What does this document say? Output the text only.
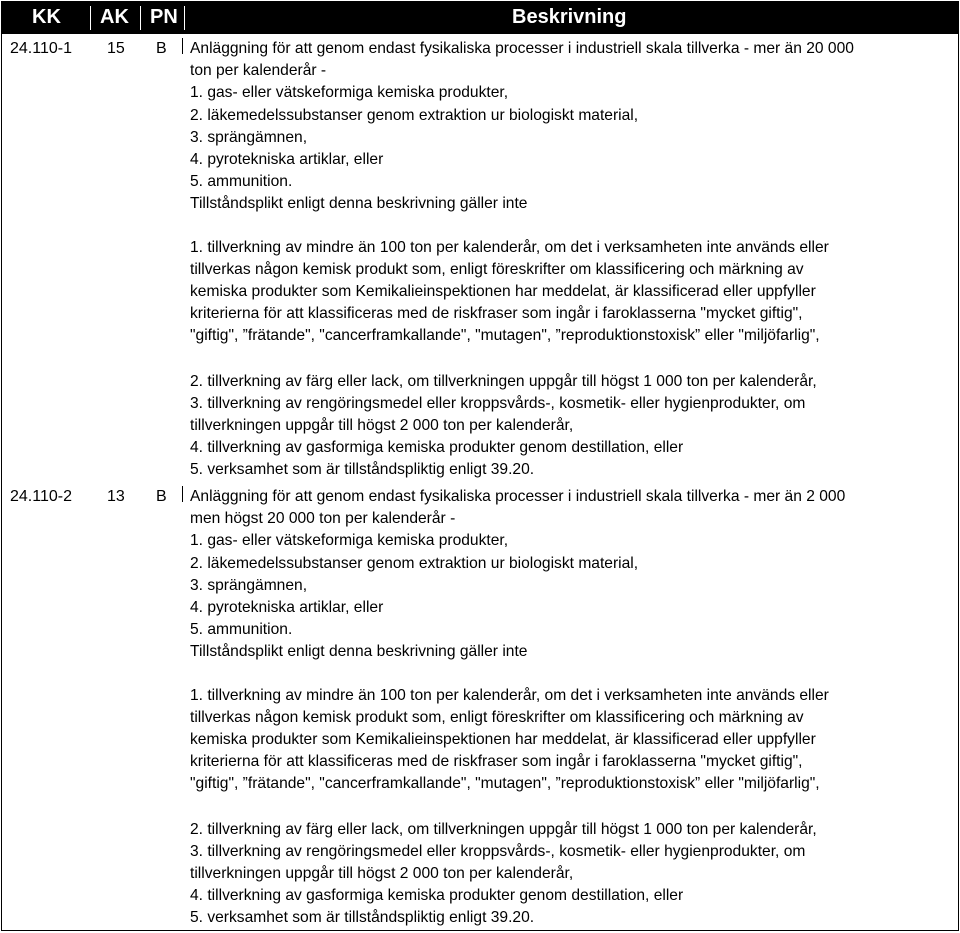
KK AK PN	Beskrivning
24.110-1 15 B Anläggning för att genom endast fysikaliska processer i industriell skala tillverka - mer än 20 000

ton per kalenderår -

1. gas- eller vätskeformiga kemiska produkter,

2. läkemedelssubstanser genom extraktion ur biologiskt material,

3. sprängämnen,

4. pyrotekniska artiklar, eller

5. ammunition.

Tillståndsplikt enligt denna beskrivning gäller inte

1. tillverkning av mindre än 100 ton per kalenderår, om det i verksamheten inte används eller

tillverkas någon kemisk produkt som, enligt föreskrifter om klassificering och märkning av

kemiska produkter som Kemikalieinspektionen har meddelat, är klassificerad eller uppfyller

kriterierna för att klassificeras med de riskfraser som ingår i faroklasserna "mycket giftig",

"giftig", ”frätande", "cancerframkallande", "mutagen", ”reproduktionstoxisk” eller "miljöfarlig",

2. tillverkning av färg eller lack, om tillverkningen uppgår till högst 1 000 ton per kalenderår,

3. tillverkning av rengöringsmedel eller kroppsvårds-, kosmetik- eller hygienprodukter, om

tillverkningen uppgår till högst 2 000 ton per kalenderår,

4. tillverkning av gasformiga kemiska produkter genom destillation, eller

5. verksamhet som är tillståndspliktig enligt 39.20.

24.110-2 13 B Anläggning för att genom endast fysikaliska processer i industriell skala tillverka - mer än 2 000

men högst 20 000 ton per kalenderår -

1. gas- eller vätskeformiga kemiska produkter,

2. läkemedelssubstanser genom extraktion ur biologiskt material,

3. sprängämnen,

4. pyrotekniska artiklar, eller

5. ammunition.

Tillståndsplikt enligt denna beskrivning gäller inte

1. tillverkning av mindre än 100 ton per kalenderår, om det i verksamheten inte används eller

tillverkas någon kemisk produkt som, enligt föreskrifter om klassificering och märkning av

kemiska produkter som Kemikalieinspektionen har meddelat, är klassificerad eller uppfyller

kriterierna för att klassificeras med de riskfraser som ingår i faroklasserna "mycket giftig",

"giftig", ”frätande", "cancerframkallande", "mutagen", ”reproduktionstoxisk” eller "miljöfarlig",

2. tillverkning av färg eller lack, om tillverkningen uppgår till högst 1 000 ton per kalenderår,

3. tillverkning av rengöringsmedel eller kroppsvårds-, kosmetik- eller hygienprodukter, om

tillverkningen uppgår till högst 2 000 ton per kalenderår,

4. tillverkning av gasformiga kemiska produkter genom destillation, eller

5. verksamhet som är tillståndspliktig enligt 39.20.
